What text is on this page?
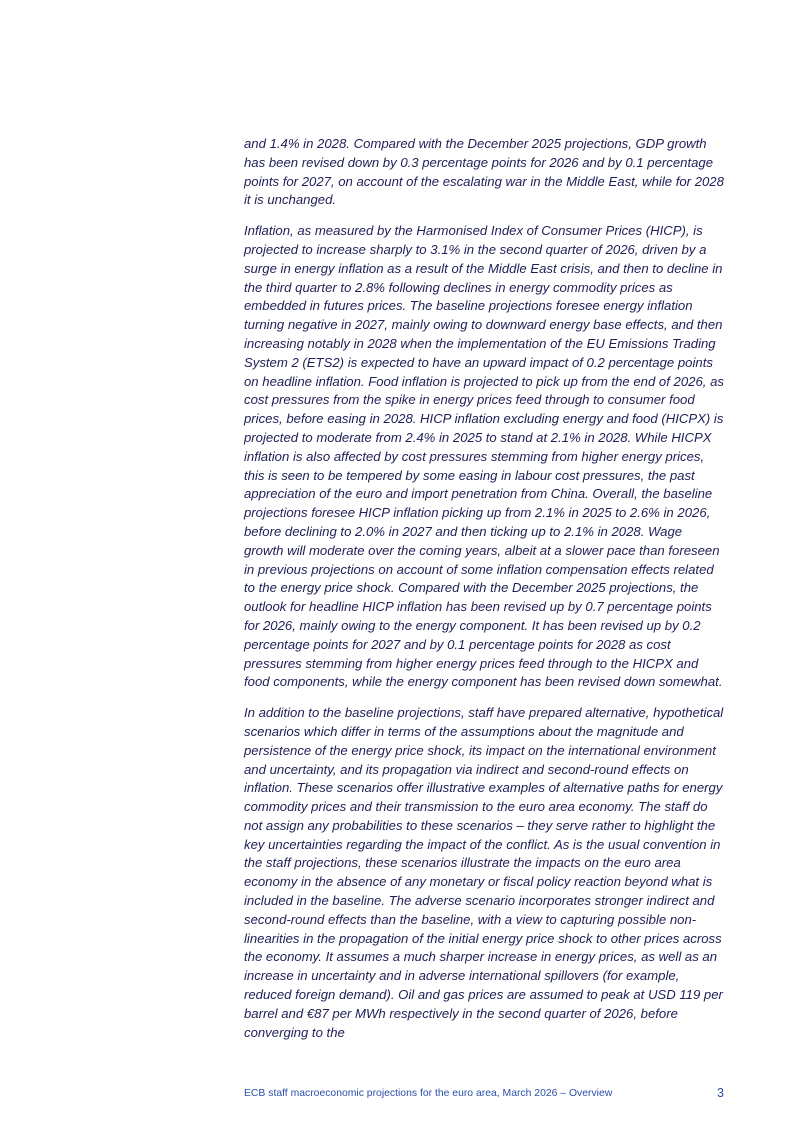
and 1.4% in 2028. Compared with the December 2025 projections, GDP growth has been revised down by 0.3 percentage points for 2026 and by 0.1 percentage points for 2027, on account of the escalating war in the Middle East, while for 2028 it is unchanged.

Inflation, as measured by the Harmonised Index of Consumer Prices (HICP), is projected to increase sharply to 3.1% in the second quarter of 2026, driven by a surge in energy inflation as a result of the Middle East crisis, and then to decline in the third quarter to 2.8% following declines in energy commodity prices as embedded in futures prices. The baseline projections foresee energy inflation turning negative in 2027, mainly owing to downward energy base effects, and then increasing notably in 2028 when the implementation of the EU Emissions Trading System 2 (ETS2) is expected to have an upward impact of 0.2 percentage points on headline inflation. Food inflation is projected to pick up from the end of 2026, as cost pressures from the spike in energy prices feed through to consumer food prices, before easing in 2028. HICP inflation excluding energy and food (HICPX) is projected to moderate from 2.4% in 2025 to stand at 2.1% in 2028. While HICPX inflation is also affected by cost pressures stemming from higher energy prices, this is seen to be tempered by some easing in labour cost pressures, the past appreciation of the euro and import penetration from China. Overall, the baseline projections foresee HICP inflation picking up from 2.1% in 2025 to 2.6% in 2026, before declining to 2.0% in 2027 and then ticking up to 2.1% in 2028. Wage growth will moderate over the coming years, albeit at a slower pace than foreseen in previous projections on account of some inflation compensation effects related to the energy price shock. Compared with the December 2025 projections, the outlook for headline HICP inflation has been revised up by 0.7 percentage points for 2026, mainly owing to the energy component. It has been revised up by 0.2 percentage points for 2027 and by 0.1 percentage points for 2028 as cost pressures stemming from higher energy prices feed through to the HICPX and food components, while the energy component has been revised down somewhat.

In addition to the baseline projections, staff have prepared alternative, hypothetical scenarios which differ in terms of the assumptions about the magnitude and persistence of the energy price shock, its impact on the international environment and uncertainty, and its propagation via indirect and second-round effects on inflation. These scenarios offer illustrative examples of alternative paths for energy commodity prices and their transmission to the euro area economy. The staff do not assign any probabilities to these scenarios – they serve rather to highlight the key uncertainties regarding the impact of the conflict. As is the usual convention in the staff projections, these scenarios illustrate the impacts on the euro area economy in the absence of any monetary or fiscal policy reaction beyond what is included in the baseline. The adverse scenario incorporates stronger indirect and second-round effects than the baseline, with a view to capturing possible non-linearities in the propagation of the initial energy price shock to other prices across the economy. It assumes a much sharper increase in energy prices, as well as an increase in uncertainty and in adverse international spillovers (for example, reduced foreign demand). Oil and gas prices are assumed to peak at USD 119 per barrel and €87 per MWh respectively in the second quarter of 2026, before converging to the

ECB staff macroeconomic projections for the euro area, March 2026 – Overview	3
